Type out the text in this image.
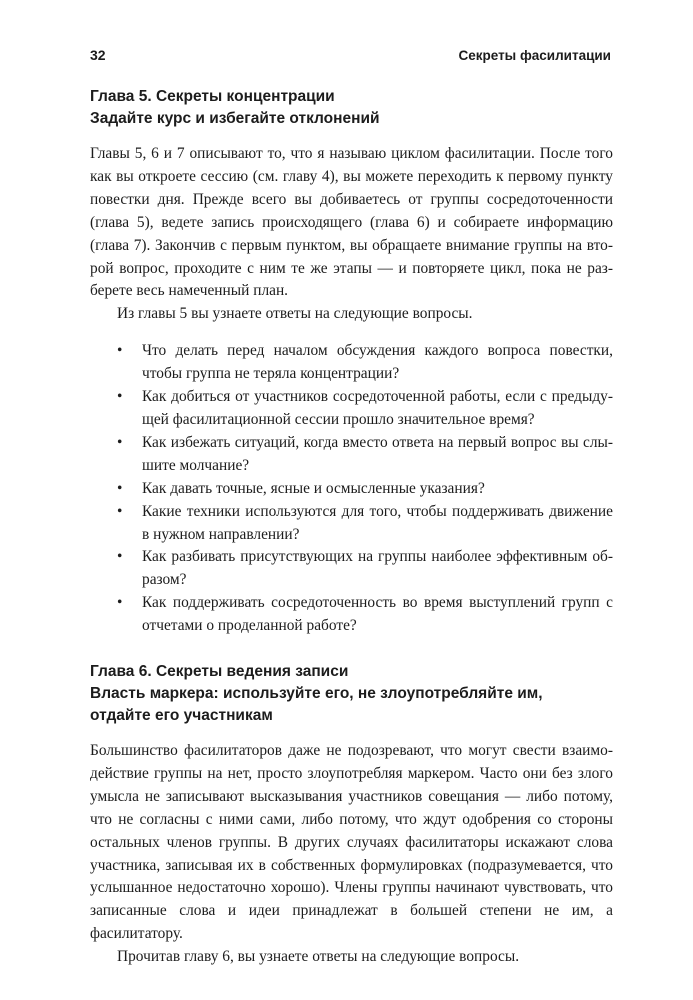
32	Секреты фасилитации
Глава 5. Секреты концентрации
Задайте курс и избегайте отклонений

Главы 5, 6 и 7 описывают то, что я называю циклом фасилитации. После того как вы откроете сессию (см. главу 4), вы можете переходить к первому пункту повестки дня. Прежде всего вы добиваетесь от группы сосредоточенности (глава 5), ведете запись происходящего (глава 6) и собираете информацию (глава 7). Закончив с первым пунктом, вы обращаете внимание группы на второй вопрос, проходите с ним те же этапы — и повторяете цикл, пока не разберете весь намеченный план.

Из главы 5 вы узнаете ответы на следующие вопросы.

• Что делать перед началом обсуждения каждого вопроса повестки, чтобы группа не теряла концентрации?
• Как добиться от участников сосредоточенной работы, если с предыдущей фасилитационной сессии прошло значительное время?
• Как избежать ситуаций, когда вместо ответа на первый вопрос вы слышите молчание?
• Как давать точные, ясные и осмысленные указания?
• Какие техники используются для того, чтобы поддерживать движение в нужном направлении?
• Как разбивать присутствующих на группы наиболее эффективным образом?
• Как поддерживать сосредоточенность во время выступлений групп с отчетами о проделанной работе?
Глава 6. Секреты ведения записи
Власть маркера: используйте его, не злоупотребляйте им,
отдайте его участникам

Большинство фасилитаторов даже не подозревают, что могут свести взаимодействие группы на нет, просто злоупотребляя маркером. Часто они без злого умысла не записывают высказывания участников совещания — либо потому, что не согласны с ними сами, либо потому, что ждут одобрения со стороны остальных членов группы. В других случаях фасилитаторы искажают слова участника, записывая их в собственных формулировках (подразумевается, что услышанное недостаточно хорошо). Члены группы начинают чувствовать, что записанные слова и идеи принадлежат в большей степени не им, а фасилитатору.

Прочитав главу 6, вы узнаете ответы на следующие вопросы.
